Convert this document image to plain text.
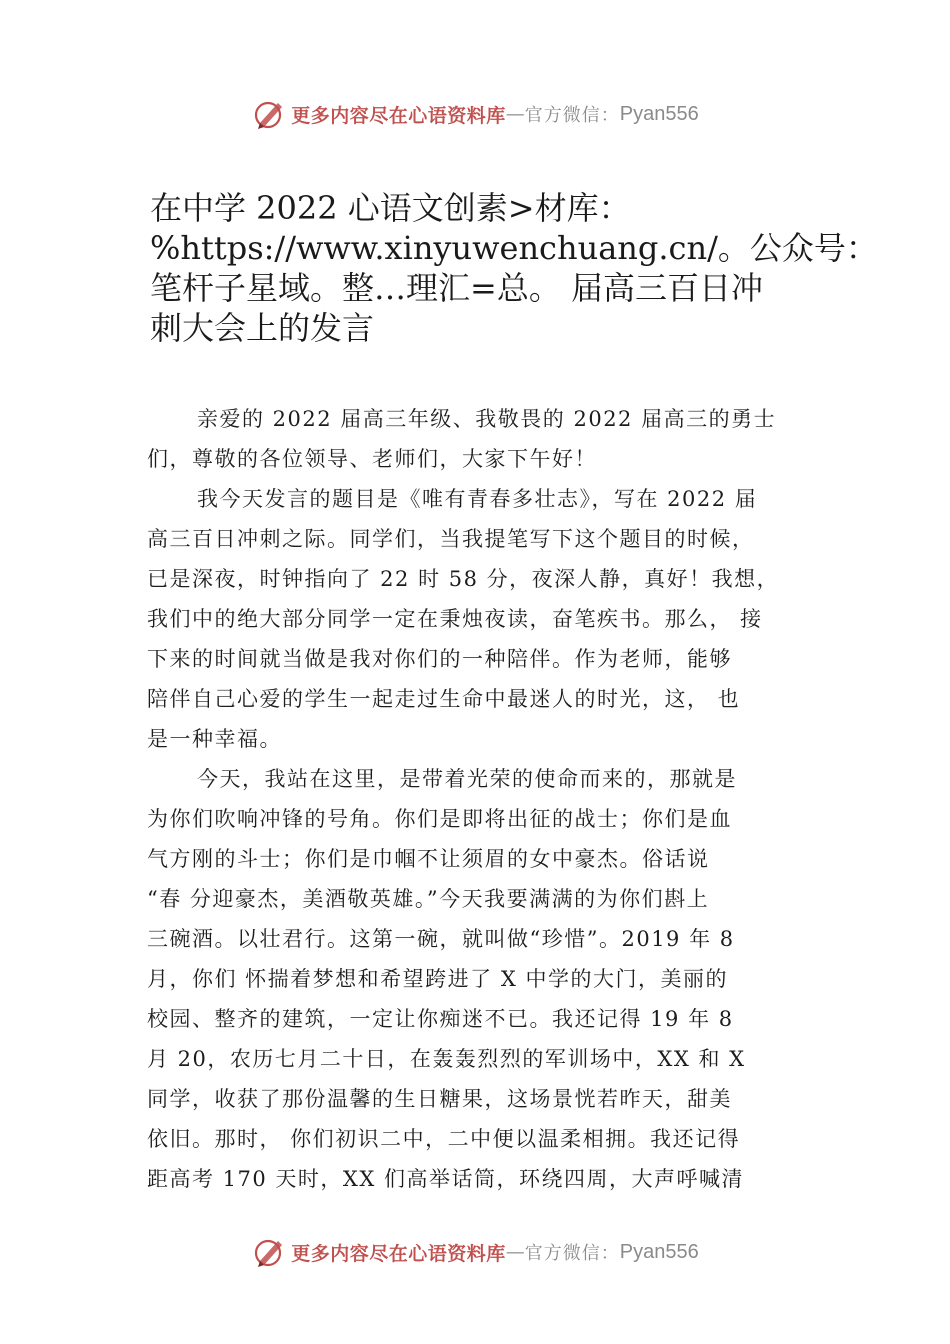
更多内容尽在心语资料库 — 官方微信： Pyan556
在中学 2022 心语文创素>材库：
%https://www.xinyuwenchuang.cn/。公众号：
笔杆子星域。整…理汇=总。 届高三百日冲
刺大会上的发言
亲爱的 2022 届高三年级、我敬畏的 2022 届高三的勇士
们，尊敬的各位领导、老师们，大家下午好！
我今天发言的题目是《唯有青春多壮志》，写在 2022 届
高三百日冲刺之际。同学们，当我提笔写下这个题目的时候，
已是深夜，时钟指向了 22 时 58 分，夜深人静，真好！我想，
我们中的绝大部分同学一定在秉烛夜读，奋笔疾书。那么， 接
下来的时间就当做是我对你们的一种陪伴。作为老师，能够
陪伴自己心爱的学生一起走过生命中最迷人的时光，这， 也
是一种幸福。
今天，我站在这里，是带着光荣的使命而来的，那就是
为你们吹响冲锋的号角。你们是即将出征的战士；你们是血
气方刚的斗士；你们是巾帼不让须眉的女中豪杰。俗话说
“春 分迎豪杰，美酒敬英雄。”今天我要满满的为你们斟上
三碗酒。以壮君行。这第一碗，就叫做“珍惜”。2019 年 8
月，你们 怀揣着梦想和希望跨进了 X 中学的大门，美丽的
校园、整齐的建筑，一定让你痴迷不已。我还记得 19 年 8
月 20，农历七月二十日，在轰轰烈烈的军训场中，XX 和 X
同学，收获了那份温馨的生日糖果，这场景恍若昨天，甜美
依旧。那时， 你们初识二中，二中便以温柔相拥。我还记得
距高考 170 天时，XX 们高举话筒，环绕四周，大声呼喊清
更多内容尽在心语资料库 — 官方微信： Pyan556
